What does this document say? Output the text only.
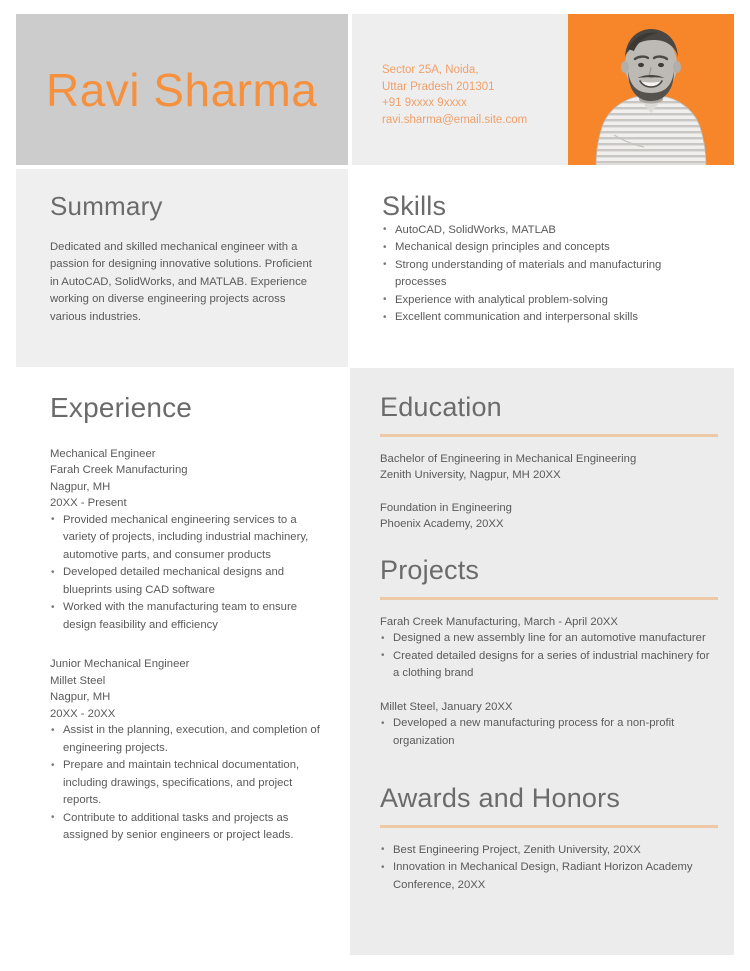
Ravi Sharma	Sector 25A, Noida,
Uttar Pradesh 201301
+91 9xxxx 9xxxx
ravi.sharma@email.site.com
Summary
Dedicated and skilled mechanical engineer with a passion for designing innovative solutions. Proficient in AutoCAD, SolidWorks, and MATLAB. Experience working on diverse engineering projects across various industries.
Skills
• AutoCAD, SolidWorks, MATLAB
• Mechanical design principles and concepts
• Strong understanding of materials and manufacturing processes
• Experience with analytical problem-solving
• Excellent communication and interpersonal skills
Experience
Mechanical Engineer
Farah Creek Manufacturing
Nagpur, MH
20XX - Present
• Provided mechanical engineering services to a variety of projects, including industrial machinery, automotive parts, and consumer products
• Developed detailed mechanical designs and blueprints using CAD software
• Worked with the manufacturing team to ensure design feasibility and efficiency
Junior Mechanical Engineer
Millet Steel
Nagpur, MH
20XX - 20XX
• Assist in the planning, execution, and completion of engineering projects.
• Prepare and maintain technical documentation, including drawings, specifications, and project reports.
• Contribute to additional tasks and projects as assigned by senior engineers or project leads.
Education
Bachelor of Engineering in Mechanical Engineering
Zenith University, Nagpur, MH 20XX
Foundation in Engineering
Phoenix Academy, 20XX
Projects
Farah Creek Manufacturing, March - April 20XX
• Designed a new assembly line for an automotive manufacturer
• Created detailed designs for a series of industrial machinery for a clothing brand
Millet Steel, January 20XX
• Developed a new manufacturing process for a non-profit organization
Awards and Honors
• Best Engineering Project, Zenith University, 20XX
• Innovation in Mechanical Design, Radiant Horizon Academy Conference, 20XX
